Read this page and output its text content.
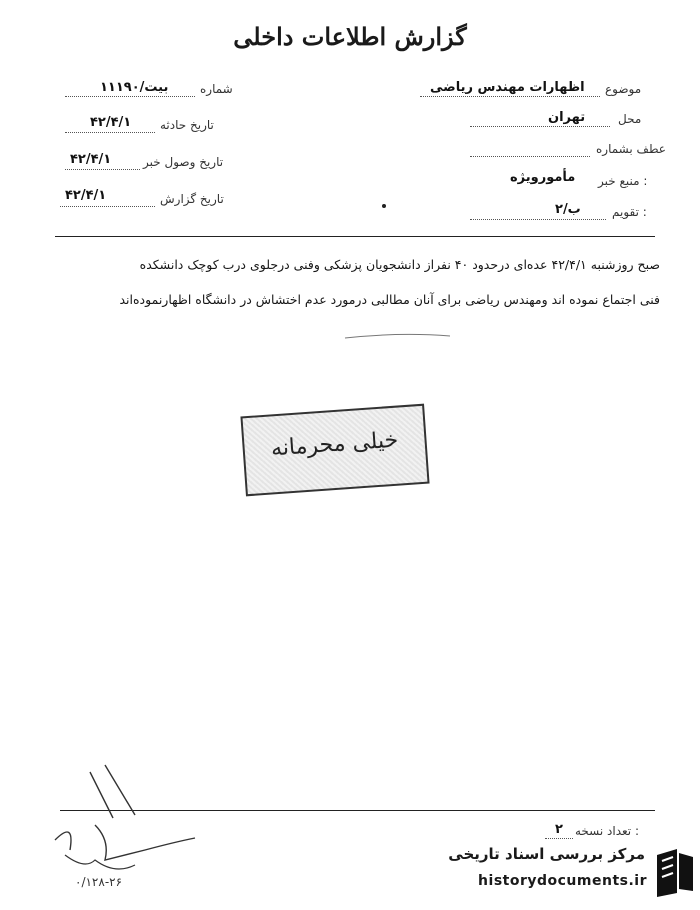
گزارش اطلاعات داخلی
موضوع
اظهارات مهندس ریاضی
محل
تهران
عطف بشماره
منبع خبر :
مأمورویژه
تقویم :
ب/۲
شماره
۱۱۱۹۰/بیت
تاریخ حادثه
۴۲/۴/۱
تاریخ وصول خبر
۴۲/۴/۱
تاریخ گزارش
۴۲/۴/۱
صبح روزشنبه ۴۲/۴/۱ عده‌ای درحدود ۴۰ نفراز دانشجویان پزشکی وفنی درجلوی درب کوچک دانشکده
فنی اجتماع نموده اند ومهندس ریاضی برای آنان مطالبی درمورد عدم اختشاش در دانشگاه اظهارنموده‌اند
خیلی محرمانه
تعداد نسخه :
۲
۰/۱۲۸-۲۶
مرکز بررسی اسناد تاریخی
historydocuments.ir
